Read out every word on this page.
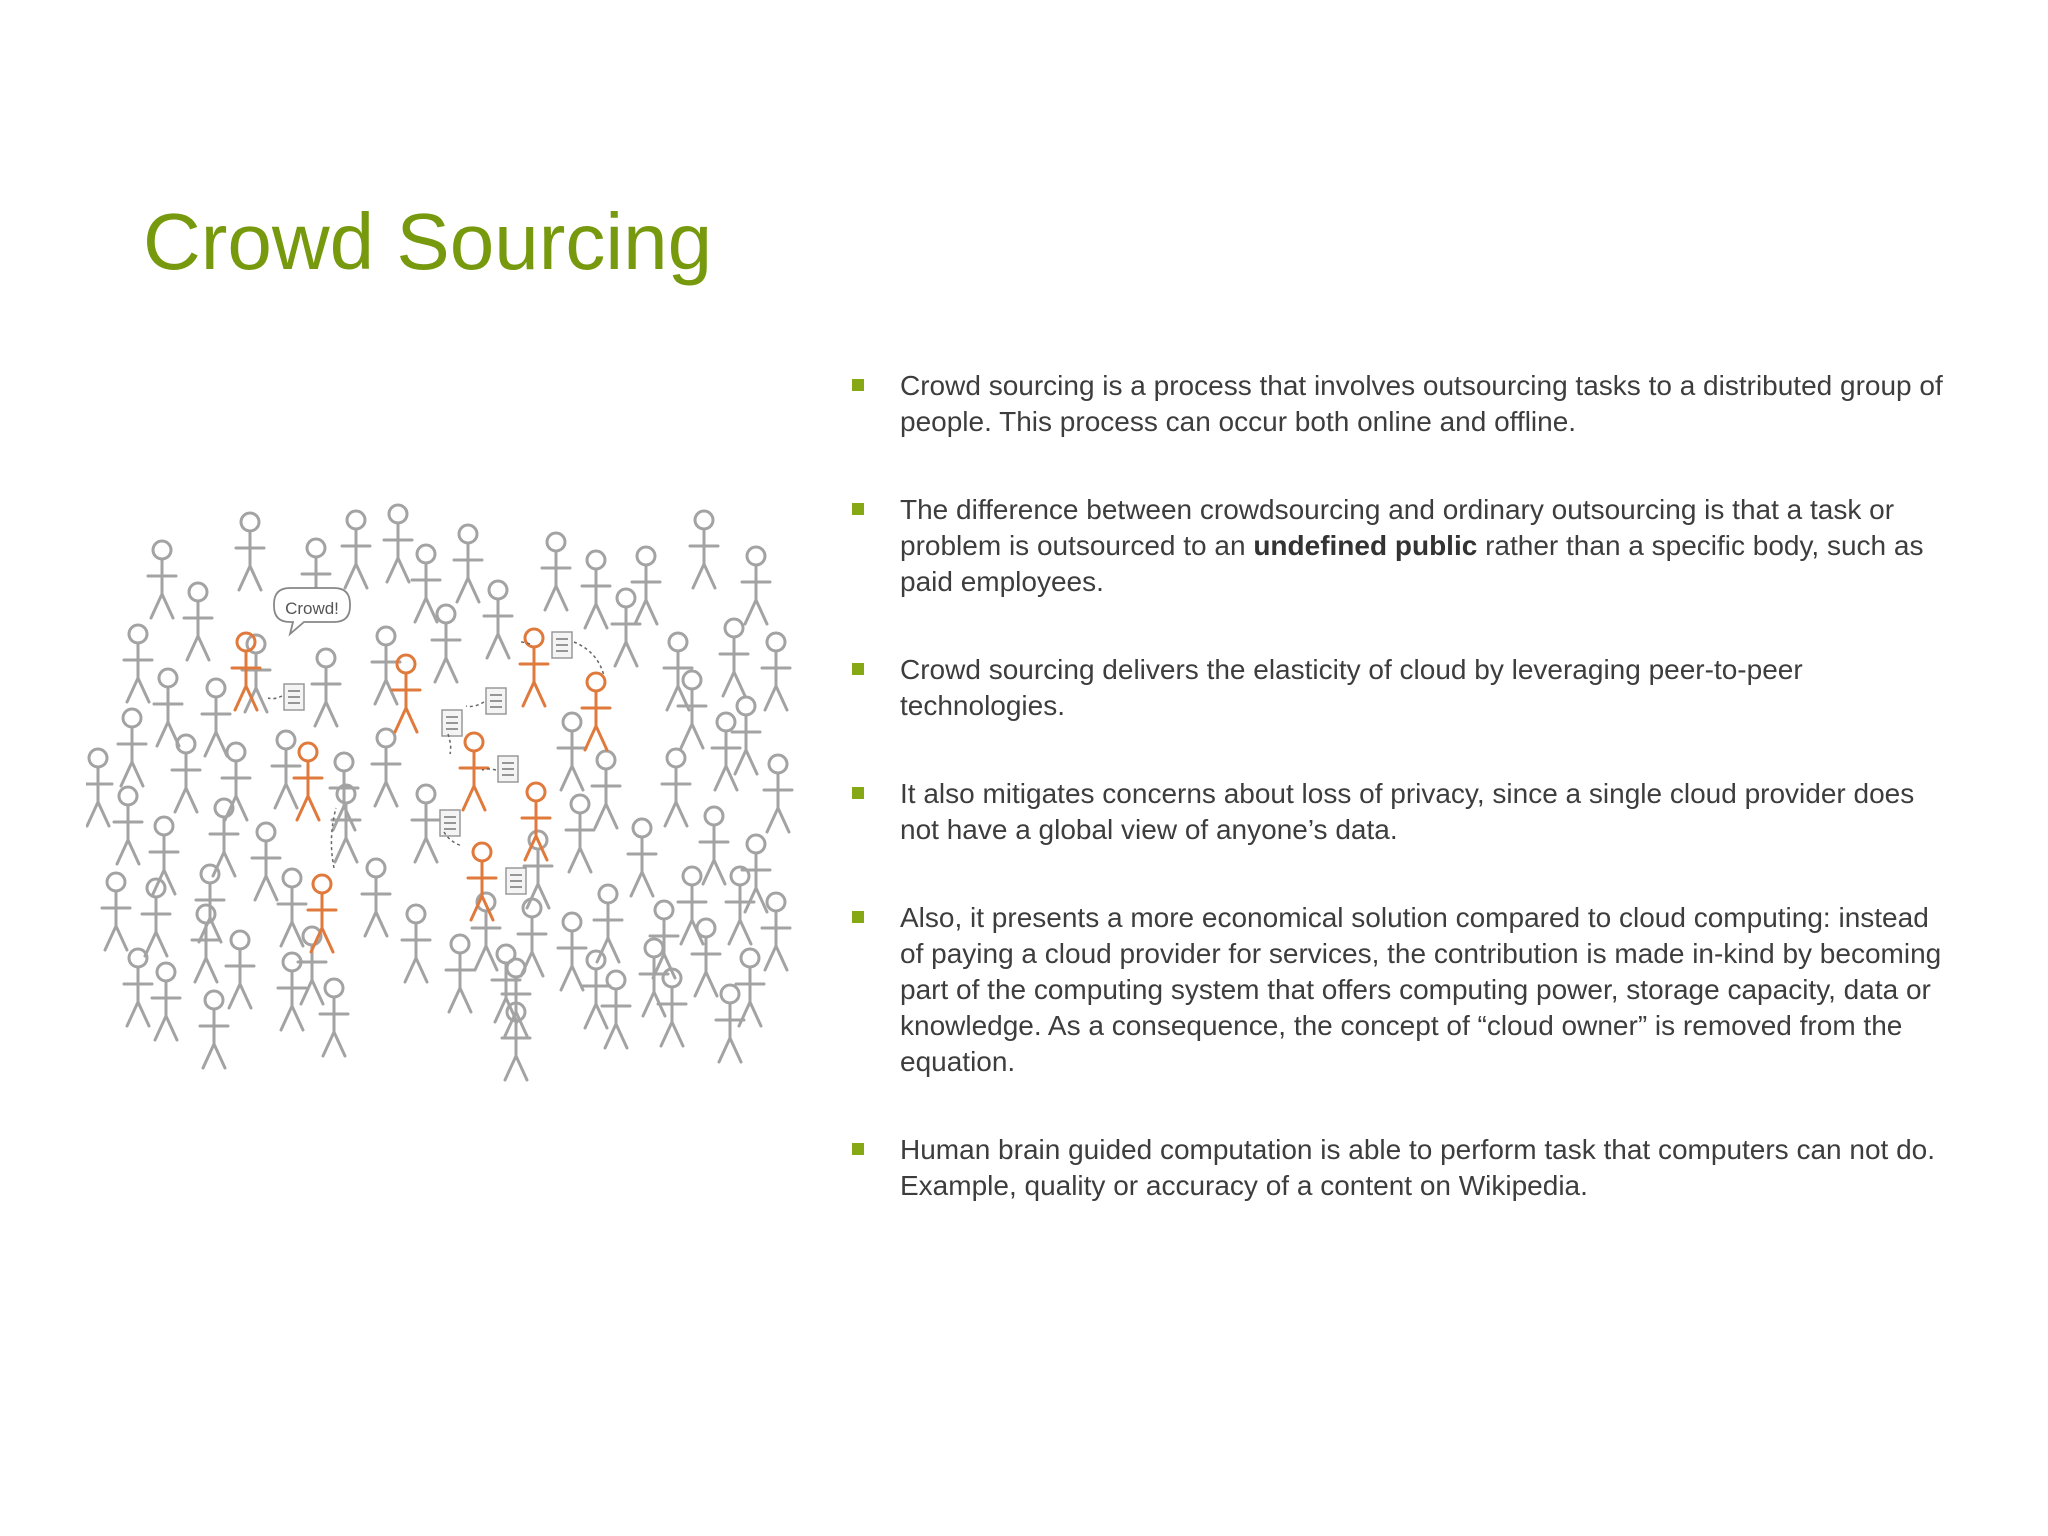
Crowd Sourcing
Crowd!
Crowd sourcing is a process that involves outsourcing tasks to a distributed group of people. This process can occur both online and offline.
The difference between crowdsourcing and ordinary outsourcing is that a task or problem is outsourced to an undefined public rather than a specific body, such as paid employees.
Crowd sourcing delivers the elasticity of cloud by leveraging peer-to-peer technologies.
It also mitigates concerns about loss of privacy, since a single cloud provider does not have a global view of anyone’s data.
Also, it presents a more economical solution compared to cloud computing: instead of paying a cloud provider for services, the contribution is made in-kind by becoming part of the computing system that offers computing power, storage capacity, data or knowledge. As a consequence, the concept of “cloud owner” is removed from the equation.
Human brain guided computation is able to perform task that computers can not do. Example, quality or accuracy of a content on Wikipedia.
